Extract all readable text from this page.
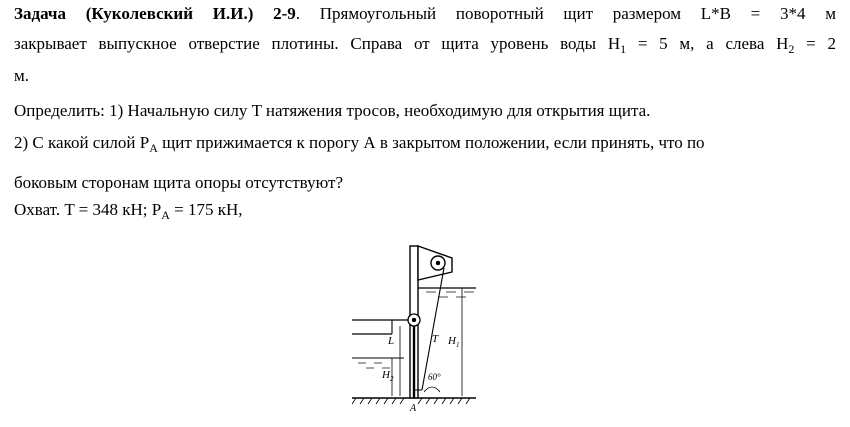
Задача (Куколевский И.И.) 2-9. Прямоугольный поворотный щит размером L*B = 3*4 м
закрывает выпускное отверстие плотины. Справа от щита уровень воды $H_1 = 5$ м, а слева $H_2 = 2$
м.
Определить: 1) Начальную силу T натяжения тросов, необходимую для открытия щита.
2) С какой силой $P_A$ щит прижимается к порогу А в закрытом положении, если принять, что по
боковым сторонам щита опоры отсутствуют?
Охват. T = 348 кН; $P_A = 175$ кН,
L	T $H_1$
$H_2$	60°
A
